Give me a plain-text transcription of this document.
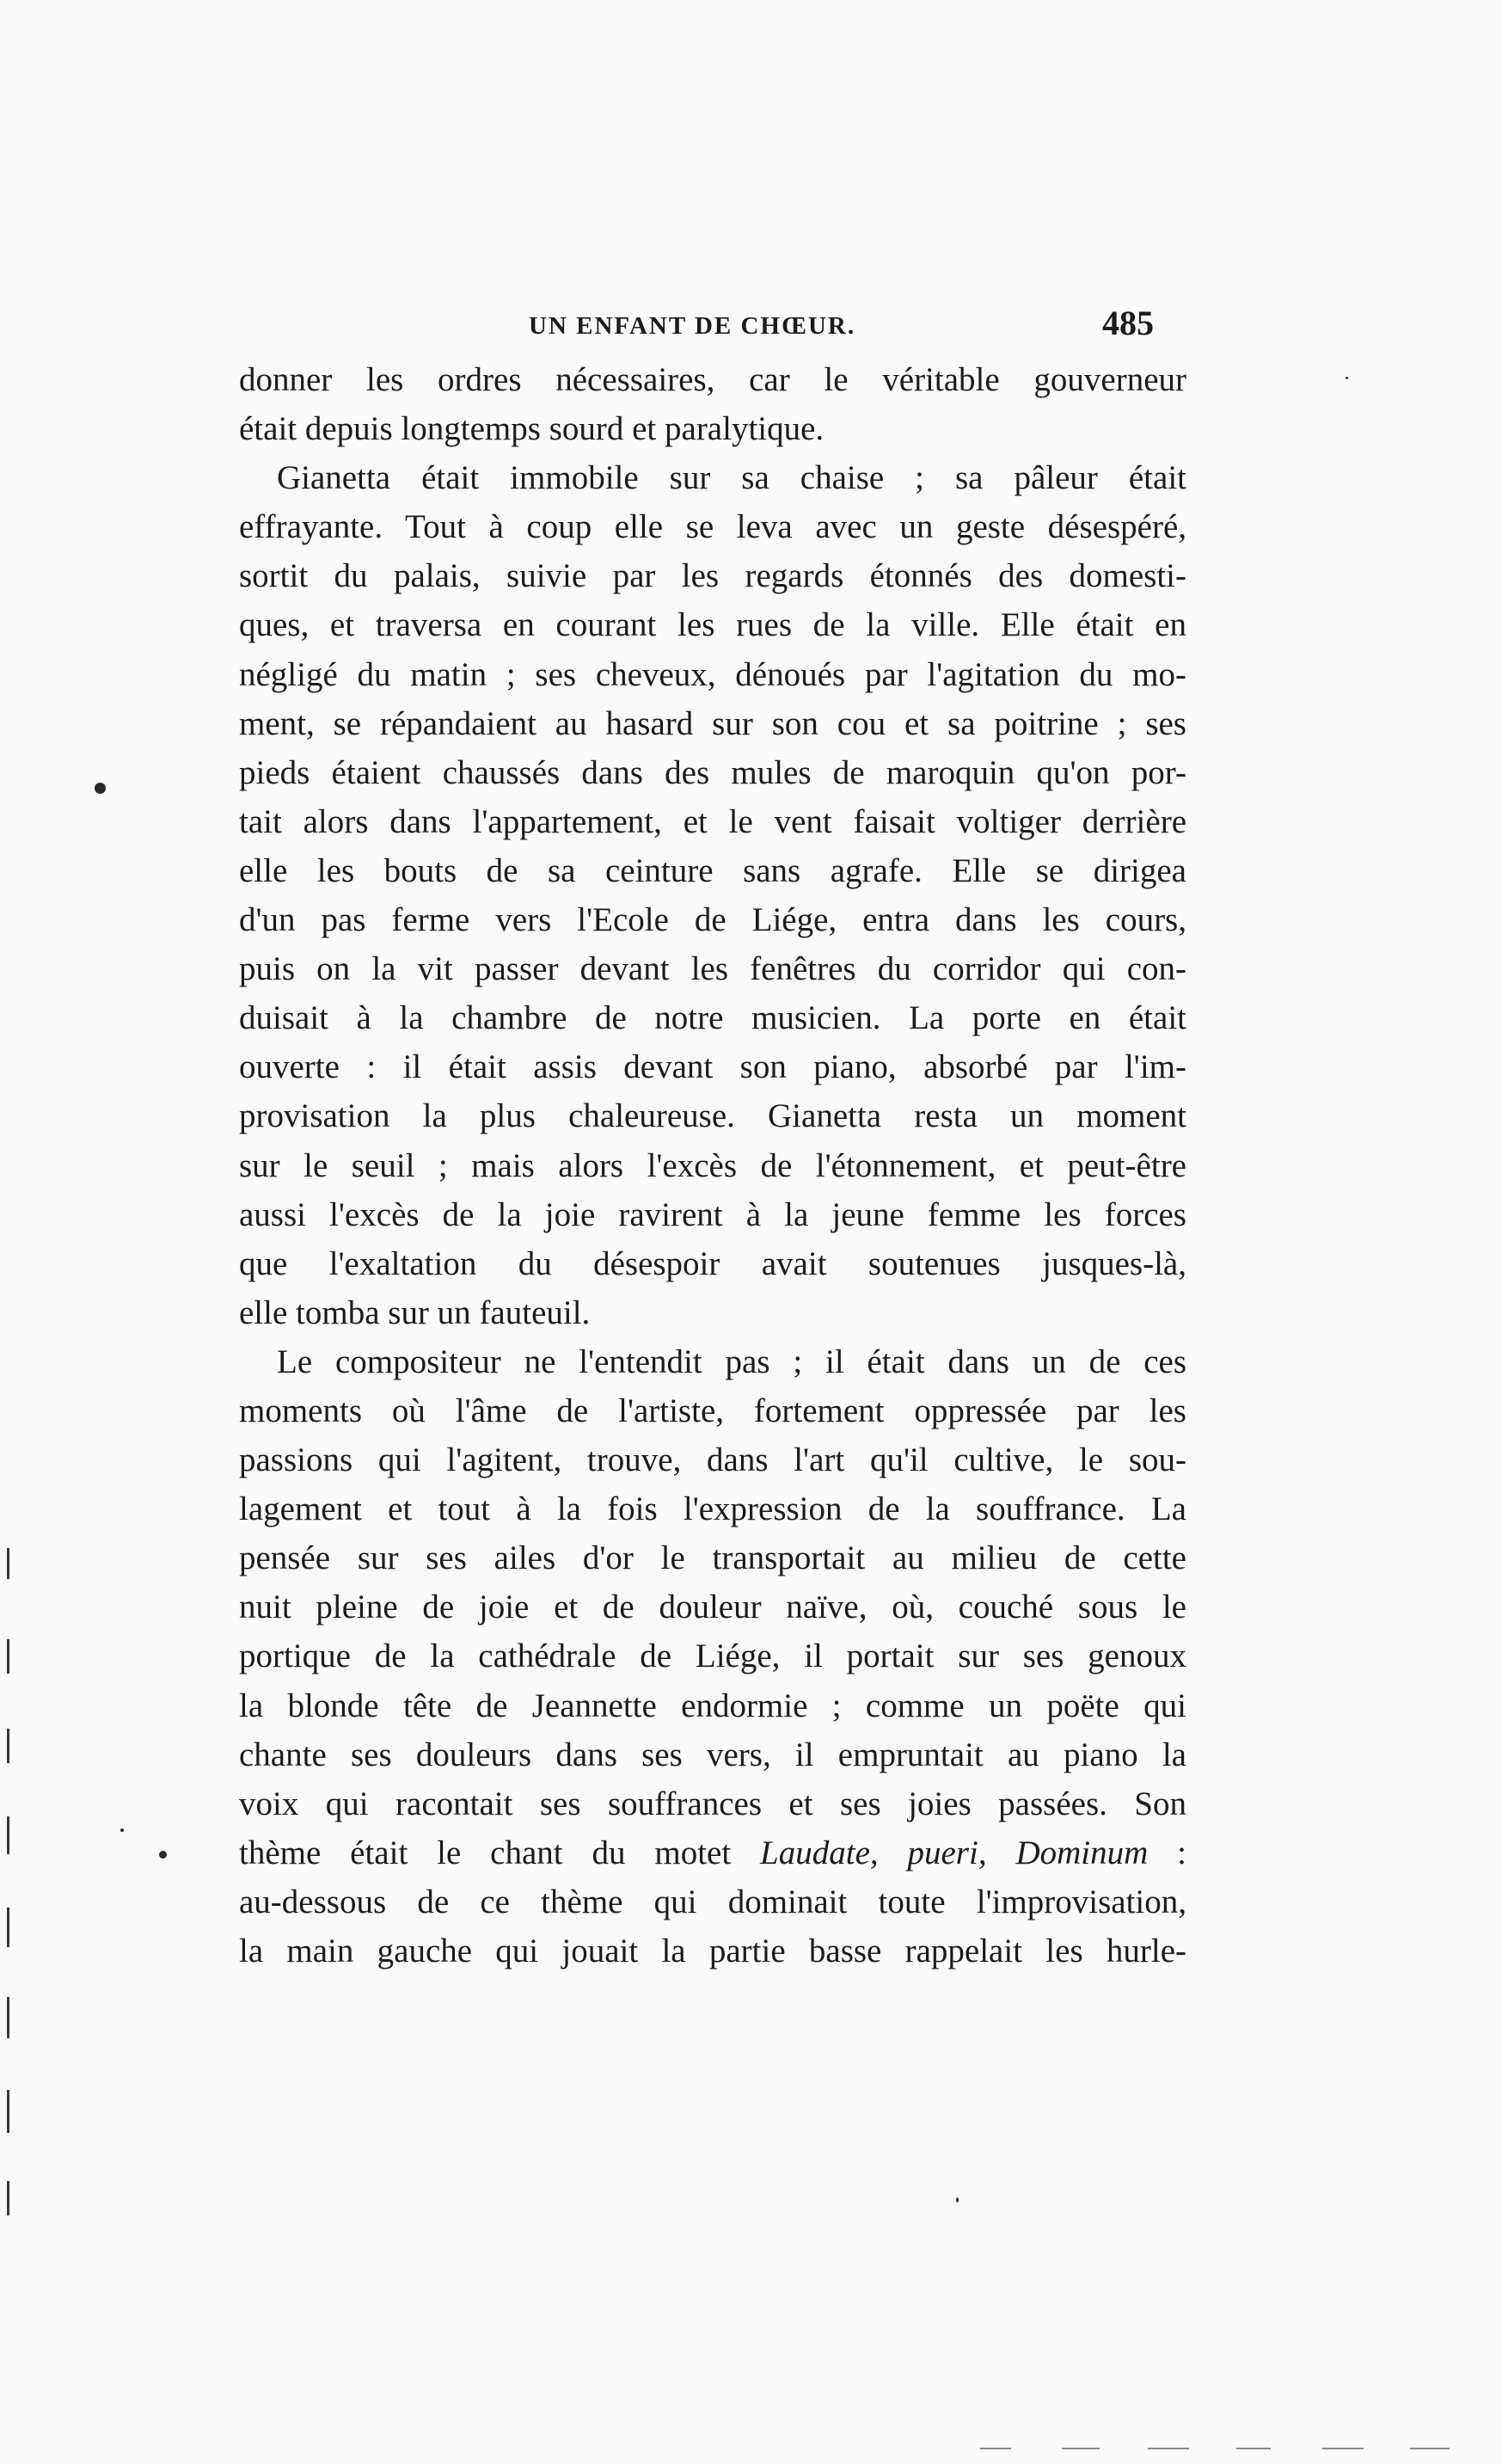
UN ENFANT DE CHŒUR.	485
donner les ordres nécessaires, car le véritable gouverneur
était depuis longtemps sourd et paralytique.
Gianetta était immobile sur sa chaise ; sa pâleur était
effrayante. Tout à coup elle se leva avec un geste désespéré,
sortit du palais, suivie par les regards étonnés des domesti-
ques, et traversa en courant les rues de la ville. Elle était en
négligé du matin ; ses cheveux, dénoués par l'agitation du mo-
ment, se répandaient au hasard sur son cou et sa poitrine ; ses
pieds étaient chaussés dans des mules de maroquin qu'on por-
tait alors dans l'appartement, et le vent faisait voltiger derrière
elle les bouts de sa ceinture sans agrafe. Elle se dirigea
d'un pas ferme vers l'Ecole de Liége, entra dans les cours,
puis on la vit passer devant les fenêtres du corridor qui con-
duisait à la chambre de notre musicien. La porte en était
ouverte : il était assis devant son piano, absorbé par l'im-
provisation la plus chaleureuse. Gianetta resta un moment
sur le seuil ; mais alors l'excès de l'étonnement, et peut-être
aussi l'excès de la joie ravirent à la jeune femme les forces
que l'exaltation du désespoir avait soutenues jusques-là,
elle tomba sur un fauteuil.
Le compositeur ne l'entendit pas ; il était dans un de ces
moments où l'âme de l'artiste, fortement oppressée par les
passions qui l'agitent, trouve, dans l'art qu'il cultive, le sou-
lagement et tout à la fois l'expression de la souffrance. La
pensée sur ses ailes d'or le transportait au milieu de cette
nuit pleine de joie et de douleur naïve, où, couché sous le
portique de la cathédrale de Liége, il portait sur ses genoux
la blonde tête de Jeannette endormie ; comme un poëte qui
chante ses douleurs dans ses vers, il empruntait au piano la
voix qui racontait ses souffrances et ses joies passées. Son
thème était le chant du motet Laudate, pueri, Dominum :
au-dessous de ce thème qui dominait toute l'improvisation,
la main gauche qui jouait la partie basse rappelait les hurle-
